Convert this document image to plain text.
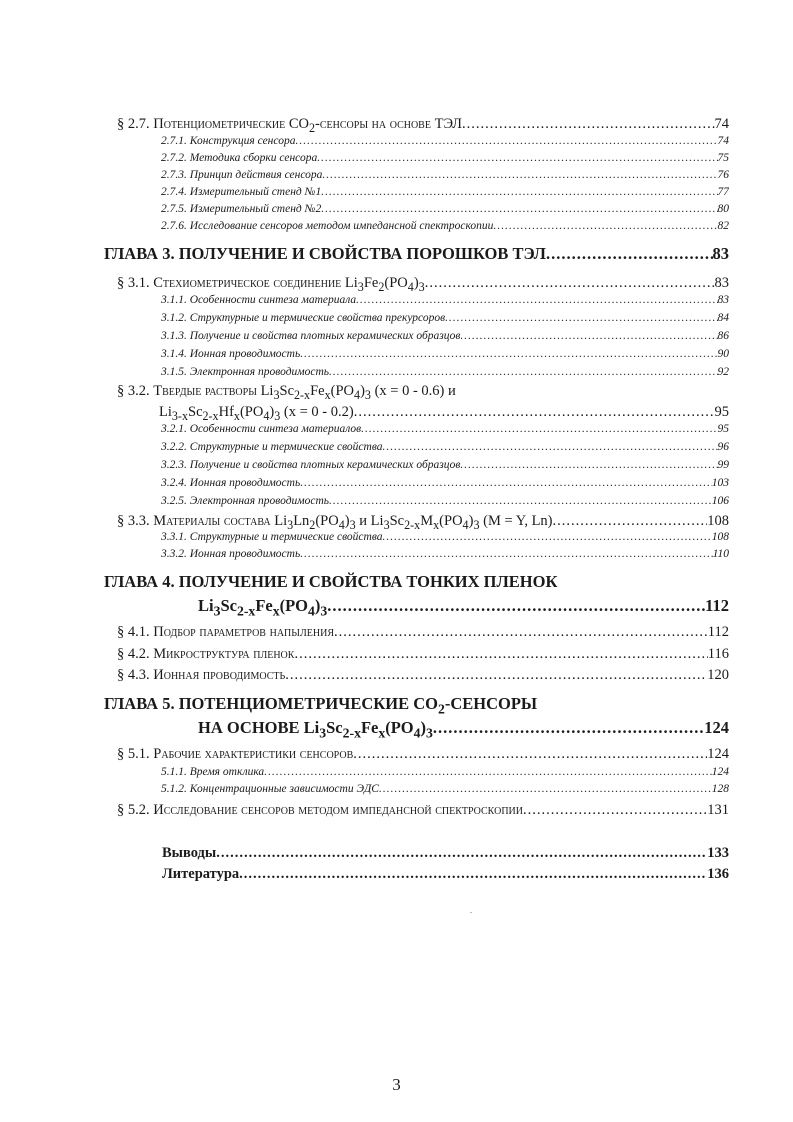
§ 2.7. Потенциометрические $CO_2$-сенсоры на основе ТЭЛ .....	74
2.7.1. Конструкция сенсора .....	74
2.7.2. Методика сборки сенсора .....	75
2.7.3. Принцип действия сенсора .....	76
2.7.4. Измерительный стенд №1 .....	77
2.7.5. Измерительный стенд №2 .....	80
2.7.6. Исследование сенсоров методом импедансной спектроскопии .....	82
ГЛАВА 3. ПОЛУЧЕНИЕ И СВОЙСТВА ПОРОШКОВ ТЭЛ .....	83
§ 3.1. Стехиометрическое соединение $Li_3Fe_2(PO_4)_3$ .....	83
3.1.1. Особенности синтеза материала .....	83
3.1.2. Структурные и термические свойства прекурсоров .....	84
3.1.3. Получение и свойства плотных керамических образцов .....	86
3.1.4. Ионная проводимость .....	90
3.1.5. Электронная проводимость .....	92
§ 3.2. Твердые растворы $Li_3Sc_{2-x}Fe_x(PO_4)_3$ (x = 0 - 0.6) и
$Li_{3-x}Sc_{2-x}Hf_x(PO_4)_3$ (x = 0 - 0.2) .....	95
3.2.1. Особенности синтеза материалов .....	95
3.2.2. Структурные и термические свойства .....	96
3.2.3. Получение и свойства плотных керамических образцов .....	99
3.2.4. Ионная проводимость .....	103
3.2.5. Электронная проводимость .....	106
§ 3.3. Материалы состава $Li_3Ln_2(PO_4)_3$ и $Li_3Sc_{2-x}M_x(PO_4)_3$ (M = Y, Ln) .....	108
3.3.1. Структурные и термические свойства .....	108
3.3.2. Ионная проводимость .....	110
ГЛАВА 4. ПОЛУЧЕНИЕ И СВОЙСТВА ТОНКИХ ПЛЕНОК
$Li_3Sc_{2-x}Fe_x(PO_4)_3$ .....	112
§ 4.1. Подбор параметров напыления .....	112
§ 4.2. Микроструктура пленок .....	116
§ 4.3. Ионная проводимость .....	120
ГЛАВА 5. ПОТЕНЦИОМЕТРИЧЕСКИЕ $CO_2$-СЕНСОРЫ
НА ОСНОВЕ $Li_3Sc_{2-x}Fe_x(PO_4)_3$ .....	124
§ 5.1. Рабочие характеристики сенсоров .....	124
5.1.1. Время отклика .....	124
5.1.2. Концентрационные зависимости ЭДС .....	128
§ 5.2. Исследование сенсоров методом импедансной спектроскопии .....	131
Выводы .....	133
Литература .....	136
3
